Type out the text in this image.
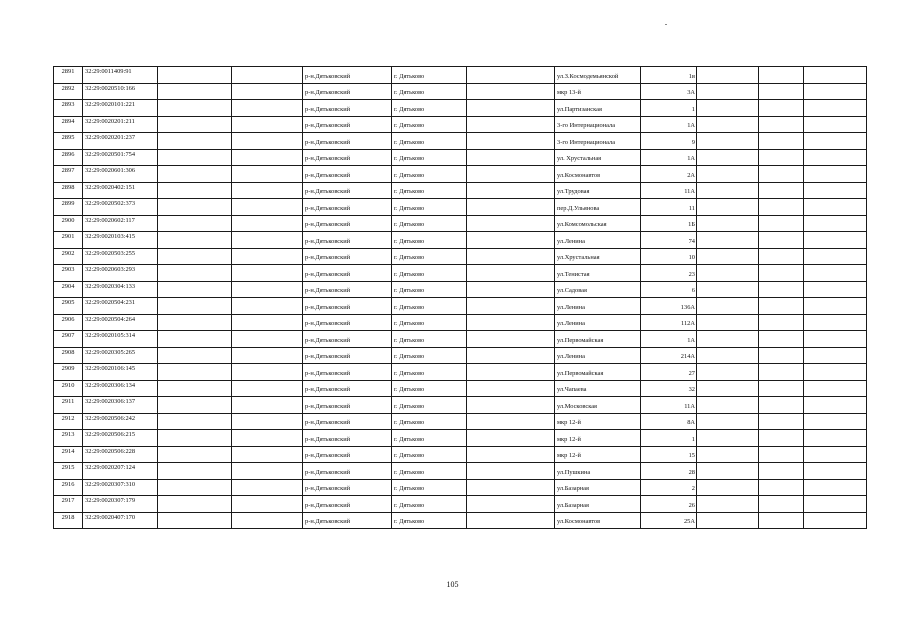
2891	32:29:0011409:91			р-н.Дятьковский	г. Дятьково		ул.З.Космодемьянской	1в			
2892	32:29:0020510:166			р-н.Дятьковский	г. Дятьково		мкр 13-й	3А			
2893	32:29:0020101:221			р-н.Дятьковский	г. Дятьково		ул.Партизанская	1			
2894	32:29:0020201:211			р-н.Дятьковский	г. Дятьково		3-го Интернационала	1А			
2895	32:29:0020201:237			р-н.Дятьковский	г. Дятьково		3-го Интернационала	9			
2896	32:29:0020501:754			р-н.Дятьковский	г. Дятьково		ул. Хрустальная	1А			
2897	32:29:0020601:306			р-н.Дятьковский	г. Дятьково		ул.Космонавтов	2А			
2898	32:29:0020402:151			р-н.Дятьковский	г. Дятьково		ул.Трудовая	11А			
2899	32:29:0020502:373			р-н.Дятьковский	г. Дятьково		пер.Д.Ульянова	11			
2900	32:29:0020602:117			р-н.Дятьковский	г. Дятьково		ул.Комсомольская	1Б			
2901	32:29:0020103:415			р-н.Дятьковский	г. Дятьково		ул.Ленина	74			
2902	32:29:0020503:255			р-н.Дятьковский	г. Дятьково		ул.Хрустальная	10			
2903	32:29:0020603:293			р-н.Дятьковский	г. Дятьково		ул.Тенистая	23			
2904	32:29:0020304:133			р-н.Дятьковский	г. Дятьково		ул.Садовая	6			
2905	32:29:0020504:231			р-н.Дятьковский	г. Дятьково		ул.Ленина	136А			
2906	32:29:0020504:264			р-н.Дятьковский	г. Дятьково		ул.Ленина	112А			
2907	32:29:0020105:314			р-н.Дятьковский	г. Дятьково		ул.Первомайская	1А			
2908	32:29:0020305:265			р-н.Дятьковский	г. Дятьково		ул.Ленина	214А			
2909	32:29:0020106:145			р-н.Дятьковский	г. Дятьково		ул.Первомайская	27			
2910	32:29:0020306:134			р-н.Дятьковский	г. Дятьково		ул.Чапаева	32			
2911	32:29:0020306:137			р-н.Дятьковский	г. Дятьково		ул.Московская	11А			
2912	32:29:0020506:242			р-н.Дятьковский	г. Дятьково		мкр 12-й	8А			
2913	32:29:0020506:215			р-н.Дятьковский	г. Дятьково		мкр 12-й	1			
2914	32:29:0020506:228			р-н.Дятьковский	г. Дятьково		мкр 12-й	15			
2915	32:29:0020207:124			р-н.Дятьковский	г. Дятьково		ул.Пушкина	28			
2916	32:29:0020307:310			р-н.Дятьковский	г. Дятьково		ул.Базарная	2			
2917	32:29:0020307:179			р-н.Дятьковский	г. Дятьково		ул.Базарная	26			
2918	32:29:0020407:170			р-н.Дятьковский	г. Дятьково		ул.Космонавтов	25А			
105
